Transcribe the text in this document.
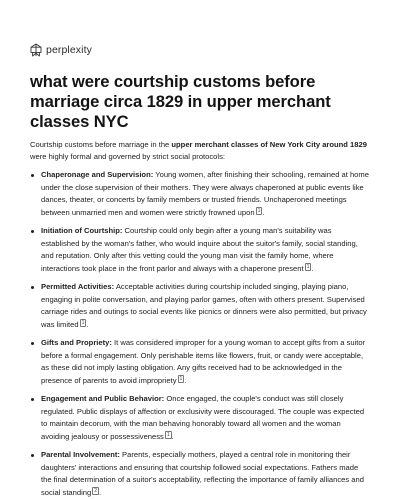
perplexity
what were courtship customs before marriage circa 1829 in upper merchant classes NYC

Courtship customs before marriage in the upper merchant classes of New York City around 1829 were highly formal and governed by strict social protocols:

Chaperonage and Supervision: Young women, after finishing their schooling, remained at home under the close supervision of their mothers. They were always chaperoned at public events like dances, theater, or concerts by family members or trusted friends. Unchaperoned meetings between unmarried men and women were strictly frowned upon 1 .
Initiation of Courtship: Courtship could only begin after a young man's suitability was established by the woman's father, who would inquire about the suitor's family, social standing, and reputation. Only after this vetting could the young man visit the family home, where interactions took place in the front parlor and always with a chaperone present 1 .
Permitted Activities: Acceptable activities during courtship included singing, playing piano, engaging in polite conversation, and playing parlor games, often with others present. Supervised carriage rides and outings to social events like picnics or dinners were also permitted, but privacy was limited 1 .
Gifts and Propriety: It was considered improper for a young woman to accept gifts from a suitor before a formal engagement. Only perishable items like flowers, fruit, or candy were acceptable, as these did not imply lasting obligation. Any gifts received had to be acknowledged in the presence of parents to avoid impropriety 1 .
Engagement and Public Behavior: Once engaged, the couple's conduct was still closely regulated. Public displays of affection or exclusivity were discouraged. The couple was expected to maintain decorum, with the man behaving honorably toward all women and the woman avoiding jealousy or possessiveness 1 .
Parental Involvement: Parents, especially mothers, played a central role in monitoring their daughters' interactions and ensuring that courtship followed social expectations. Fathers made the final determination of a suitor's acceptability, reflecting the importance of family alliances and social standing 2 .
